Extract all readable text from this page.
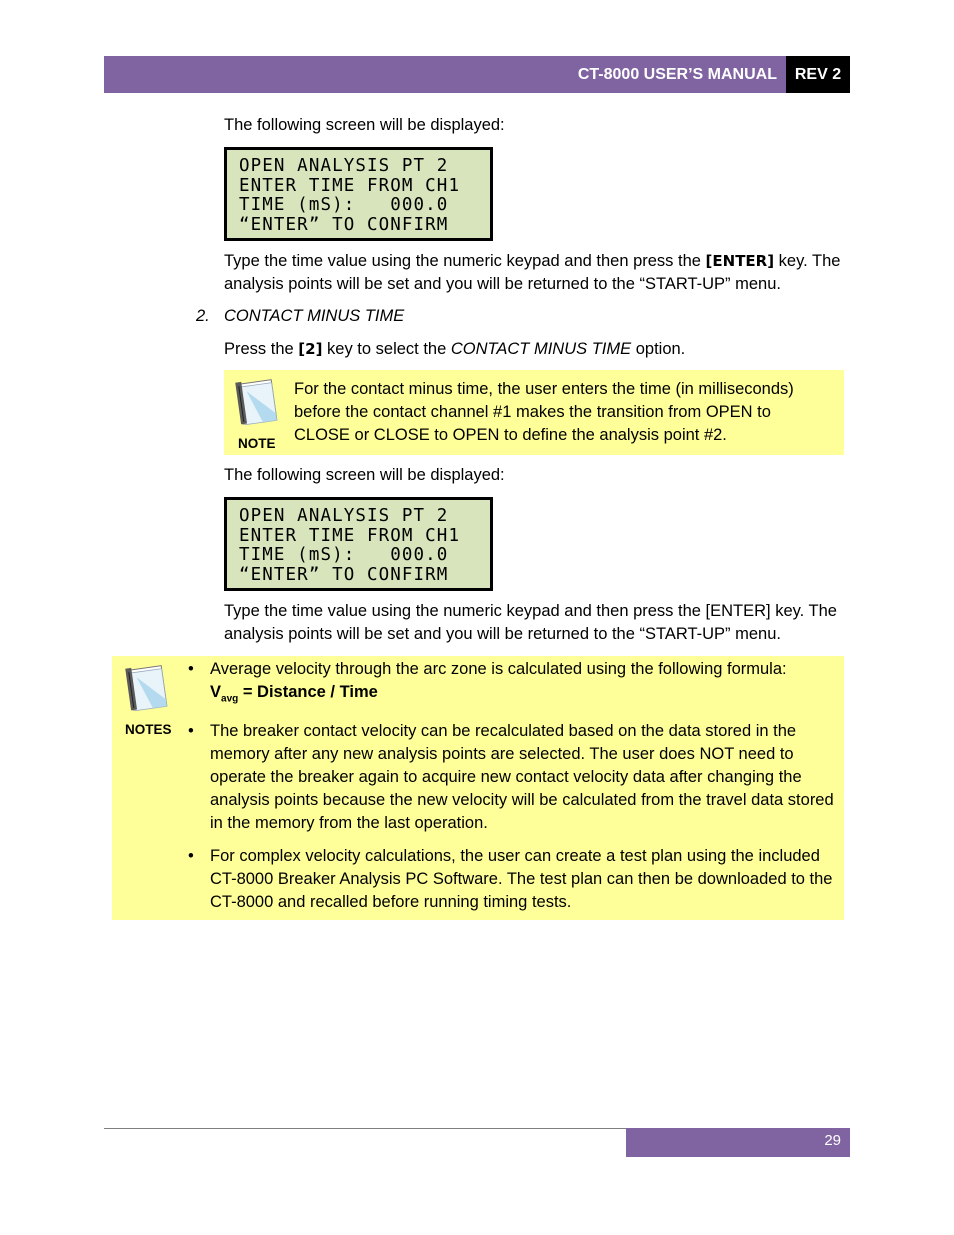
CT-8000 USER’S MANUAL	REV 2
The following screen will be displayed:
OPEN ANALYSIS PT 2
ENTER TIME FROM CH1
TIME (mS):   000.0
“ENTER” TO CONFIRM
Type the time value using the numeric keypad and then press the [ENTER] key. The analysis points will be set and you will be returned to the “START-UP” menu.
2. CONTACT MINUS TIME
Press the [2] key to select the CONTACT MINUS TIME option.
NOTE
For the contact minus time, the user enters the time (in milliseconds) before the contact channel #1 makes the transition from OPEN to CLOSE or CLOSE to OPEN to define the analysis point #2.
The following screen will be displayed:
OPEN ANALYSIS PT 2
ENTER TIME FROM CH1
TIME (mS):   000.0
“ENTER” TO CONFIRM
Type the time value using the numeric keypad and then press the [ENTER] key. The analysis points will be set and you will be returned to the “START-UP” menu.
NOTES
• Average velocity through the arc zone is calculated using the following formula:
$V_{avg}$ = Distance / Time
• The breaker contact velocity can be recalculated based on the data stored in the memory after any new analysis points are selected. The user does NOT need to operate the breaker again to acquire new contact velocity data after changing the analysis points because the new velocity will be calculated from the travel data stored in the memory from the last operation.
• For complex velocity calculations, the user can create a test plan using the included CT-8000 Breaker Analysis PC Software. The test plan can then be downloaded to the CT-8000 and recalled before running timing tests.
29
